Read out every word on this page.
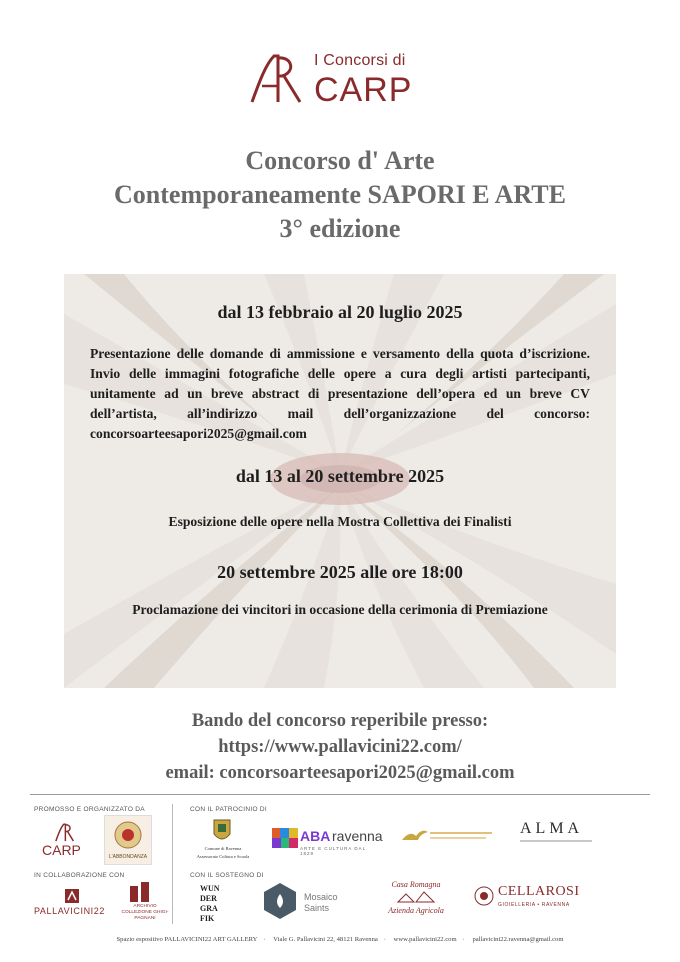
I Concorsi di
CARP
Concorso d' Arte
Contemporaneamente SAPORI E ARTE
3° edizione
dal 13 febbraio al 20 luglio 2025
Presentazione delle domande di ammissione e versamento della quota d’iscrizione. Invio delle immagini fotografiche delle opere a cura degli artisti partecipanti, unitamente ad un breve abstract di presentazione dell’opera ed un breve CV dell’artista, all’indirizzo mail dell’organizzazione del concorso: concorsoarteesapori2025@gmail.com
dal 13 al 20 settembre 2025
Esposizione delle opere nella Mostra Collettiva dei Finalisti
20 settembre 2025 alle ore 18:00
Proclamazione dei vincitori in occasione della cerimonia di Premiazione
Bando del concorso reperibile presso:
https://www.pallavicini22.com/
email: concorsoarteesapori2025@gmail.com
PROMOSSO E ORGANIZZATO DA
CARP	L'ABBONDANZA
IN COLLABORAZIONE CON
PALLAVICINI22	ARCHIVIO COLLEZIONE GHIGI-PAGNANI
CON IL PATROCINIO DI
Comune di Ravenna
Assessorato Cultura e Scuola
ABA ravenna
ARTE E CULTURA DAL 1829
ALMA
CON IL SOSTEGNO DI
WUN
DER
GRA
FIK
Mosaico
Saints
Casa Romagna
Azienda Agricola
CELLAROSI
GIOIELLERIA • RAVENNA
Spazio espositivo PALLAVICINI22 ART GALLERY · Viale G. Pallavicini 22, 48121 Ravenna · www.pallavicini22.com · pallavicini22.ravenna@gmail.com
